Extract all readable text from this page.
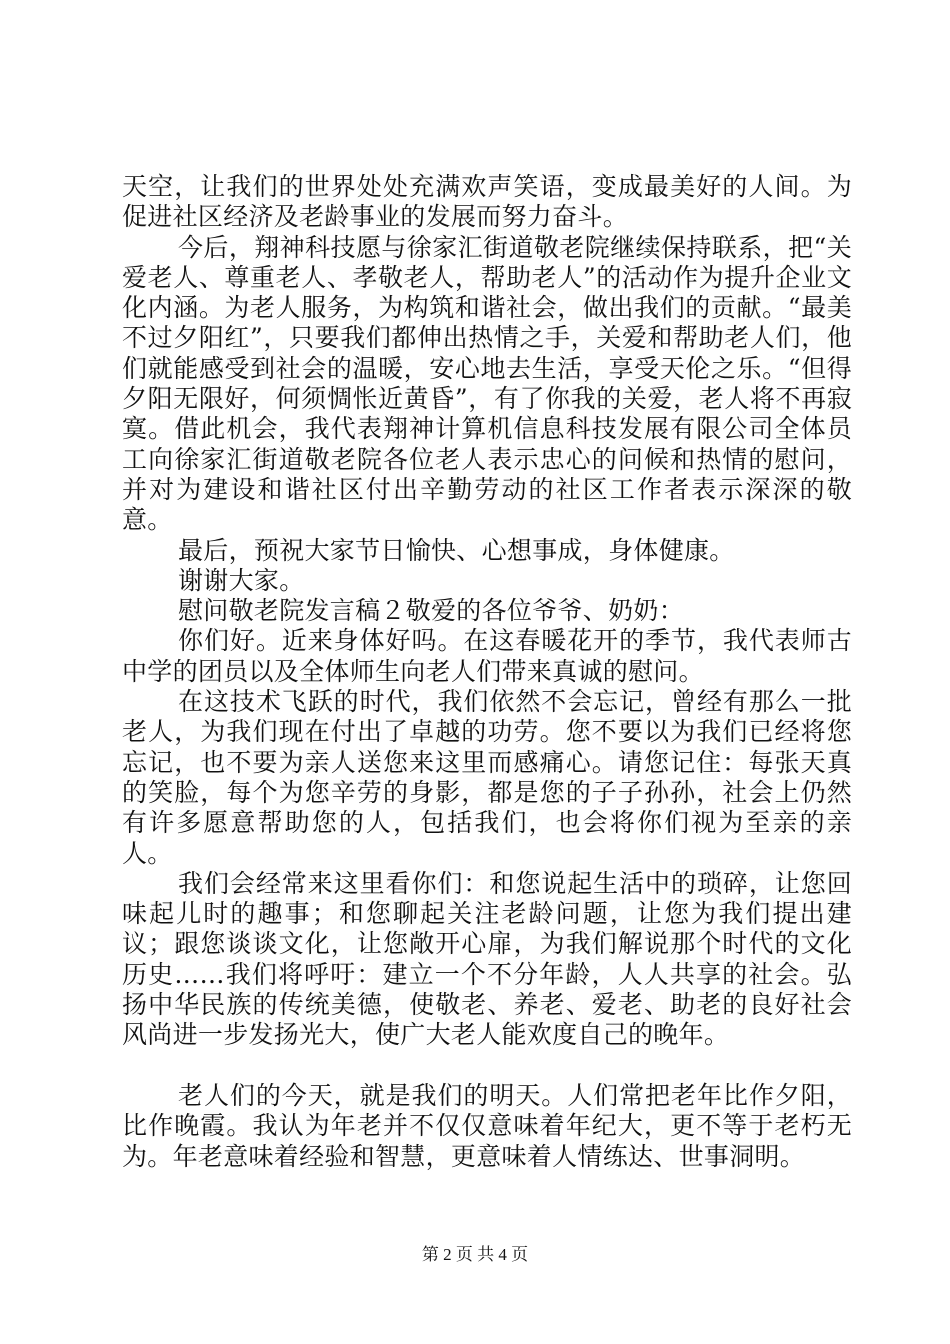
天空，让我们的世界处处充满欢声笑语，变成最美好的人间。为促进社区经济及老龄事业的发展而努力奋斗。

今后，翔神科技愿与徐家汇街道敬老院继续保持联系，把“关爱老人、尊重老人、孝敬老人，帮助老人”的活动作为提升企业文化内涵。为老人服务，为构筑和谐社会，做出我们的贡献。“最美不过夕阳红”，只要我们都伸出热情之手，关爱和帮助老人们，他们就能感受到社会的温暖，安心地去生活，享受天伦之乐。“但得夕阳无限好，何须惆怅近黄昏”，有了你我的关爱，老人将不再寂寞。借此机会，我代表翔神计算机信息科技发展有限公司全体员工向徐家汇街道敬老院各位老人表示忠心的问候和热情的慰问，并对为建设和谐社区付出辛勤劳动的社区工作者表示深深的敬意。

最后，预祝大家节日愉快、心想事成，身体健康。

谢谢大家。

慰问敬老院发言稿２敬爱的各位爷爷、奶奶：

你们好。近来身体好吗。在这春暖花开的季节，我代表师古中学的团员以及全体师生向老人们带来真诚的慰问。

在这技术飞跃的时代，我们依然不会忘记，曾经有那么一批老人，为我们现在付出了卓越的功劳。您不要以为我们已经将您忘记，也不要为亲人送您来这里而感痛心。请您记住：每张天真的笑脸，每个为您辛劳的身影，都是您的子子孙孙，社会上仍然有许多愿意帮助您的人，包括我们，也会将你们视为至亲的亲人。

我们会经常来这里看你们：和您说起生活中的琐碎，让您回味起儿时的趣事；和您聊起关注老龄问题，让您为我们提出建议；跟您谈谈文化，让您敞开心扉，为我们解说那个时代的文化历史……我们将呼吁：建立一个不分年龄，人人共享的社会。弘扬中华民族的传统美德，使敬老、养老、爱老、助老的良好社会风尚进一步发扬光大，使广大老人能欢度自己的晚年。

老人们的今天，就是我们的明天。人们常把老年比作夕阳，比作晚霞。我认为年老并不仅仅意味着年纪大，更不等于老朽无为。年老意味着经验和智慧，更意味着人情练达、世事洞明。

第 2 页 共 4 页
